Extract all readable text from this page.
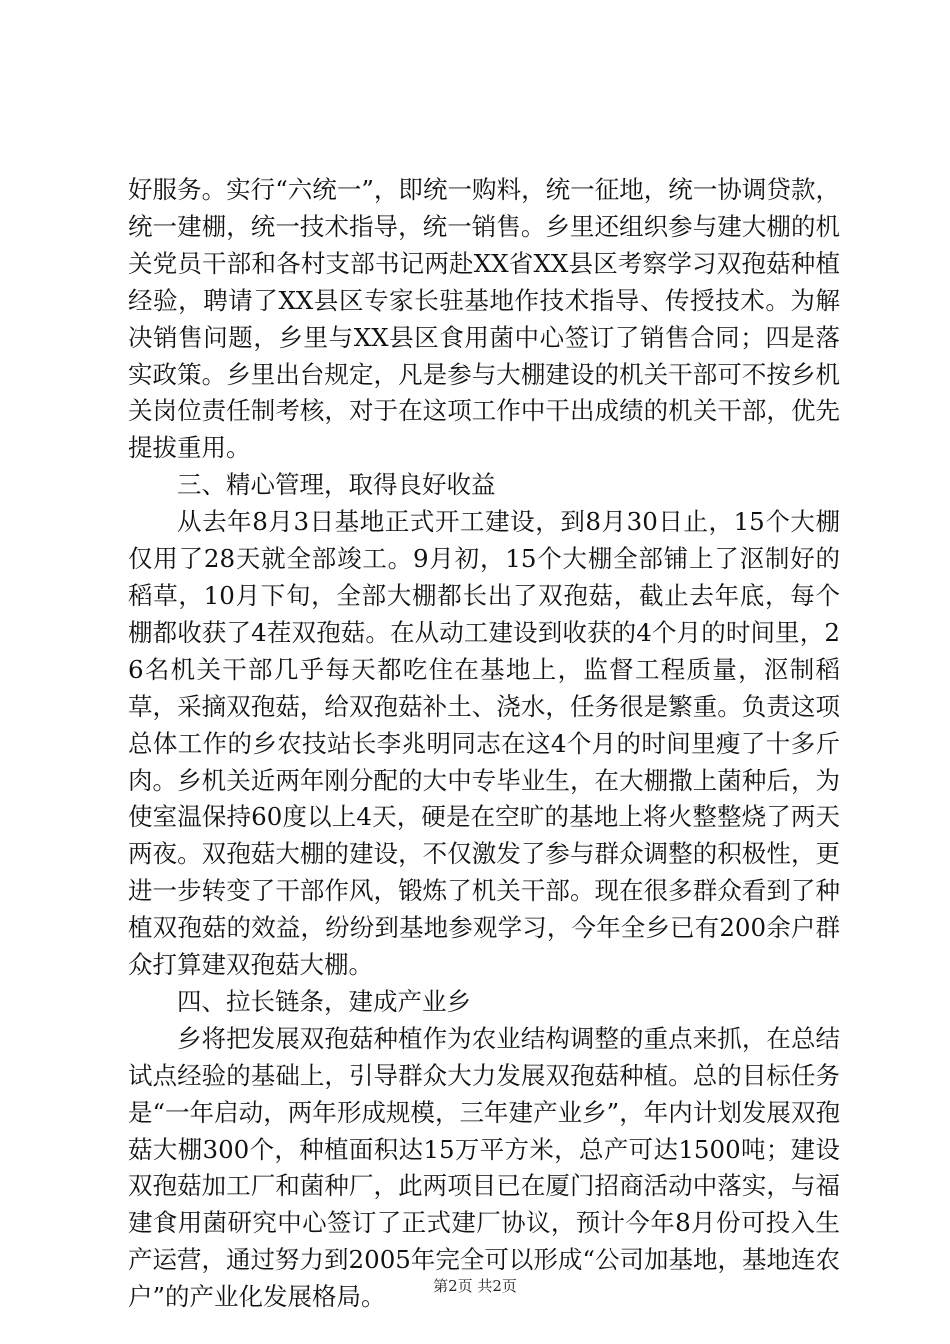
好服务。实行“六统一”，即统一购料，统一征地，统一协调贷款，统一建棚，统一技术指导，统一销售。乡里还组织参与建大棚的机关党员干部和各村支部书记两赴XX省XX县区考察学习双孢菇种植经验，聘请了XX县区专家长驻基地作技术指导、传授技术。为解决销售问题，乡里与XX县区食用菌中心签订了销售合同；四是落实政策。乡里出台规定，凡是参与大棚建设的机关干部可不按乡机关岗位责任制考核，对于在这项工作中干出成绩的机关干部，优先提拔重用。

三、精心管理，取得良好收益

从去年8月3日基地正式开工建设，到8月30日止，15个大棚仅用了28天就全部竣工。9月初，15个大棚全部铺上了沤制好的稻草，10月下旬，全部大棚都长出了双孢菇，截止去年底，每个棚都收获了4茬双孢菇。在从动工建设到收获的4个月的时间里，26名机关干部几乎每天都吃住在基地上，监督工程质量，沤制稻草，采摘双孢菇，给双孢菇补土、浇水，任务很是繁重。负责这项总体工作的乡农技站长李兆明同志在这4个月的时间里瘦了十多斤肉。乡机关近两年刚分配的大中专毕业生，在大棚撒上菌种后，为使室温保持60度以上4天，硬是在空旷的基地上将火整整烧了两天两夜。双孢菇大棚的建设，不仅激发了参与群众调整的积极性，更进一步转变了干部作风，锻炼了机关干部。现在很多群众看到了种植双孢菇的效益，纷纷到基地参观学习，今年全乡已有200余户群众打算建双孢菇大棚。

四、拉长链条，建成产业乡

乡将把发展双孢菇种植作为农业结构调整的重点来抓，在总结试点经验的基础上，引导群众大力发展双孢菇种植。总的目标任务是“一年启动，两年形成规模，三年建产业乡”，年内计划发展双孢菇大棚300个，种植面积达15万平方米，总产可达1500吨；建设双孢菇加工厂和菌种厂，此两项目已在厦门招商活动中落实，与福建食用菌研究中心签订了正式建厂协议，预计今年8月份可投入生产运营，通过努力到2005年完全可以形成“公司加基地，基地连农户”的产业化发展格局。	第2页 共2页
